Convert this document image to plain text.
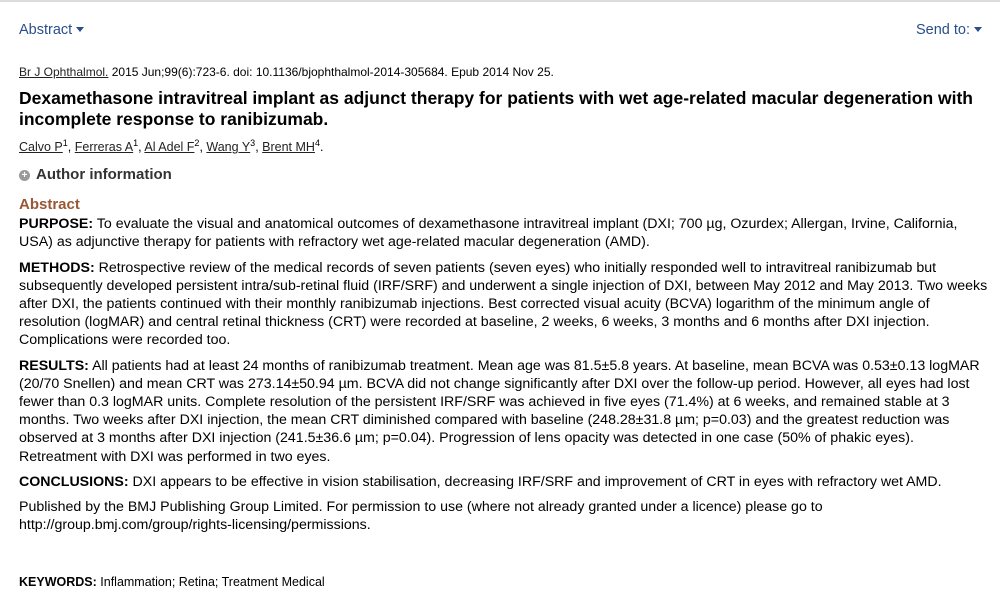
Abstract	Send to:
Br J Ophthalmol. 2015 Jun;99(6):723-6. doi: 10.1136/bjophthalmol-2014-305684. Epub 2014 Nov 25.
Dexamethasone intravitreal implant as adjunct therapy for patients with wet age-related macular degeneration with incomplete response to ranibizumab.
Calvo $P^1$, Ferreras $A^1$, Al Adel $F^2$, Wang $Y^3$, Brent $MH^4$.
+ Author information
Abstract

PURPOSE: To evaluate the visual and anatomical outcomes of dexamethasone intravitreal implant (DXI; 700 µg, Ozurdex; Allergan, Irvine, California, USA) as adjunctive therapy for patients with refractory wet age-related macular degeneration (AMD).

METHODS: Retrospective review of the medical records of seven patients (seven eyes) who initially responded well to intravitreal ranibizumab but subsequently developed persistent intra/sub-retinal fluid (IRF/SRF) and underwent a single injection of DXI, between May 2012 and May 2013. Two weeks after DXI, the patients continued with their monthly ranibizumab injections. Best corrected visual acuity (BCVA) logarithm of the minimum angle of resolution (logMAR) and central retinal thickness (CRT) were recorded at baseline, 2 weeks, 6 weeks, 3 months and 6 months after DXI injection. Complications were recorded too.

RESULTS: All patients had at least 24 months of ranibizumab treatment. Mean age was 81.5±5.8 years. At baseline, mean BCVA was 0.53±0.13 logMAR (20/70 Snellen) and mean CRT was 273.14±50.94 µm. BCVA did not change significantly after DXI over the follow-up period. However, all eyes had lost fewer than 0.3 logMAR units. Complete resolution of the persistent IRF/SRF was achieved in five eyes (71.4%) at 6 weeks, and remained stable at 3 months. Two weeks after DXI injection, the mean CRT diminished compared with baseline (248.28±31.8 µm; p=0.03) and the greatest reduction was observed at 3 months after DXI injection (241.5±36.6 µm; p=0.04). Progression of lens opacity was detected in one case (50% of phakic eyes). Retreatment with DXI was performed in two eyes.

CONCLUSIONS: DXI appears to be effective in vision stabilisation, decreasing IRF/SRF and improvement of CRT in eyes with refractory wet AMD.

Published by the BMJ Publishing Group Limited. For permission to use (where not already granted under a licence) please go to http://group.bmj.com/group/rights-licensing/permissions.

KEYWORDS: Inflammation; Retina; Treatment Medical
